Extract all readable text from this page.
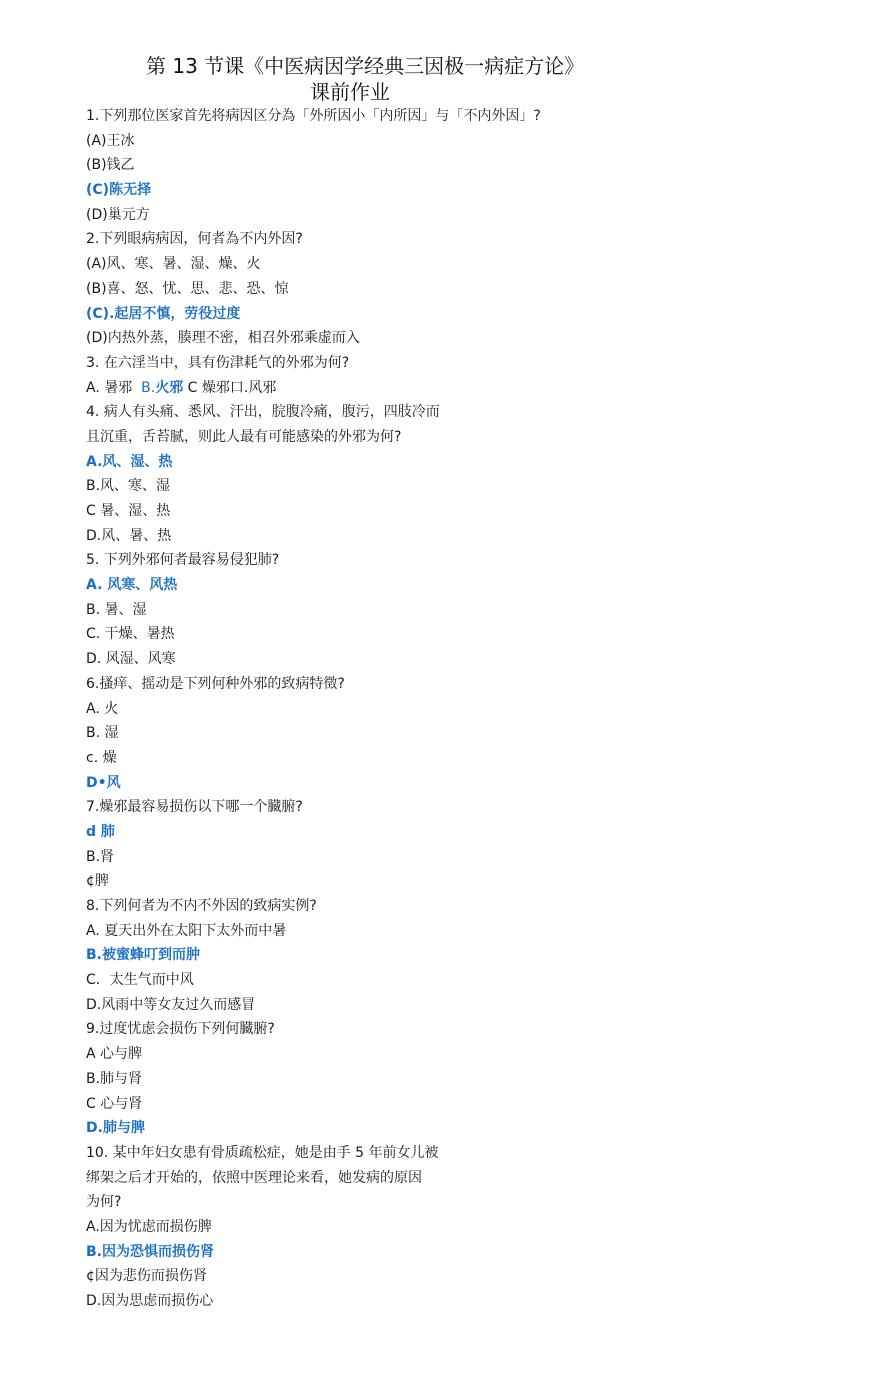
第 13 节课《中医病因学经典三因极一病症方论》
课前作业
1.下列那位医家首先将病因区分為「外所因小「内所因」与「不内外因」?
(A)王冰
(B)钱乙
(C)陈无择
(D)巢元方
2.下列眼病病因，何者為不内外因?
(A)风、寒、暑、湿、燥、火
(B)喜、怒、忧、思、悲、恐、惊
(C).起居不慎，劳役过度
(D)内热外蒸，腠理不密，相召外邪乘虚而入
3. 在六淫当中，具有伤津耗气的外邪为何?
A. 暑邪 B.火邪 C 燥邪口.风邪
4. 病人有头痛、悉风、汗出，脘腹冷痛，腹污，四肢冷而
且沉重，舌苔腻，则此人最有可能感染的外邪为何?
A.风、湿、热
B.风、寒、湿
C 暑、湿、热
D.风、暑、热
5. 下列外邪何者最容易侵犯肺?
A. 风寒、风热
B. 暑、湿
C. 干燥、暑热
D. 风湿、风寒
6.搔痒、摇动是下列何种外邪的致病特徵?
A. 火
B. 湿
c. 燥
D•风
7.燥邪最容易损伤以下哪一个臓腑?
d 肺
B.肾
¢脾
8.下列何者为不内不外因的致病实例?
A. 夏天出外在太阳下太外而中暑
B.被蜜蜂叮到而肿
C．太生气而中风
D.风雨中等女友过久而感冒
9.过度忧虑会损伤下列何臓腑?
A 心与脾
B.肺与肾
C 心与肾
D.肺与脾
10. 某中年妇女患有骨质疏松症，她是由手 5 年前女儿被
绑架之后才开始的，依照中医理论来看，她发病的原因
为何?
A.因为忧虑而损伤脾
B.因为恐惧而损伤肾
¢因为悲伤而损伤肾
D.因为思虑而损伤心
